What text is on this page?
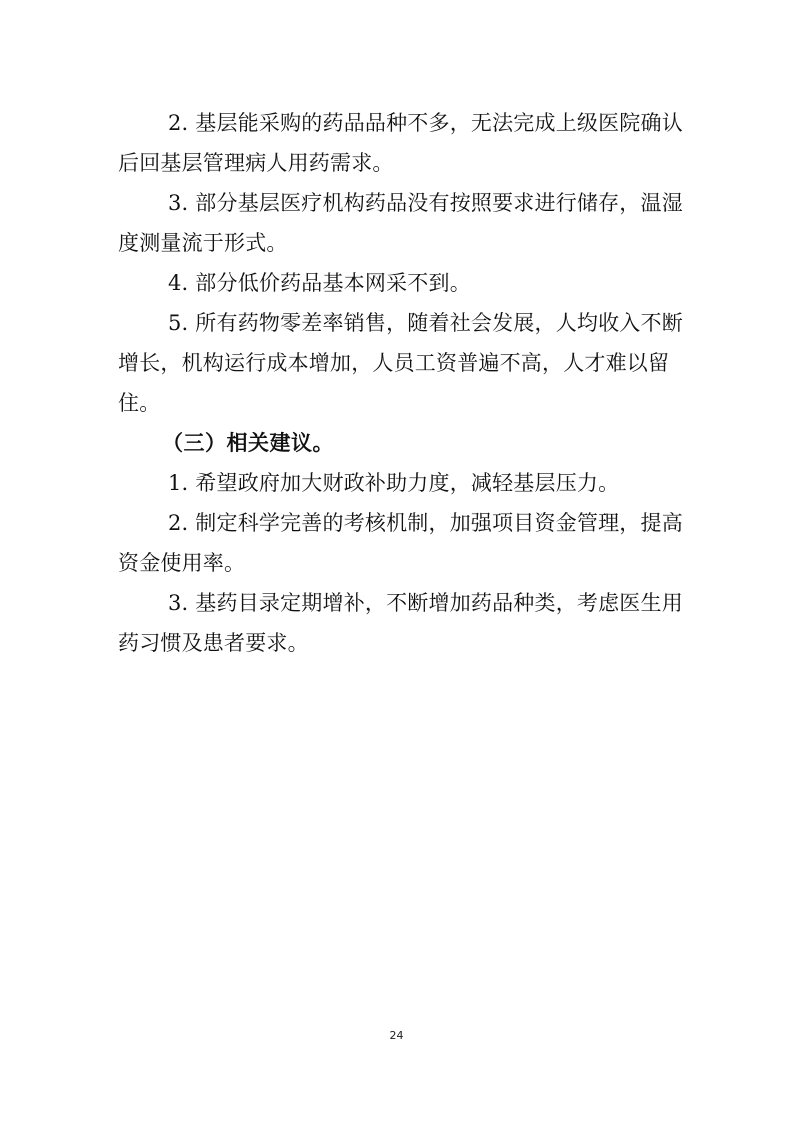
2. 基层能采购的药品品种不多，无法完成上级医院确认
后回基层管理病人用药需求。
3. 部分基层医疗机构药品没有按照要求进行储存，温湿
度测量流于形式。
4. 部分低价药品基本网采不到。
5. 所有药物零差率销售，随着社会发展，人均收入不断
增长，机构运行成本增加，人员工资普遍不高，人才难以留
住。
（三）相关建议。
1. 希望政府加大财政补助力度，减轻基层压力。
2. 制定科学完善的考核机制，加强项目资金管理，提高
资金使用率。
3. 基药目录定期增补，不断增加药品种类，考虑医生用
药习惯及患者要求。
24
